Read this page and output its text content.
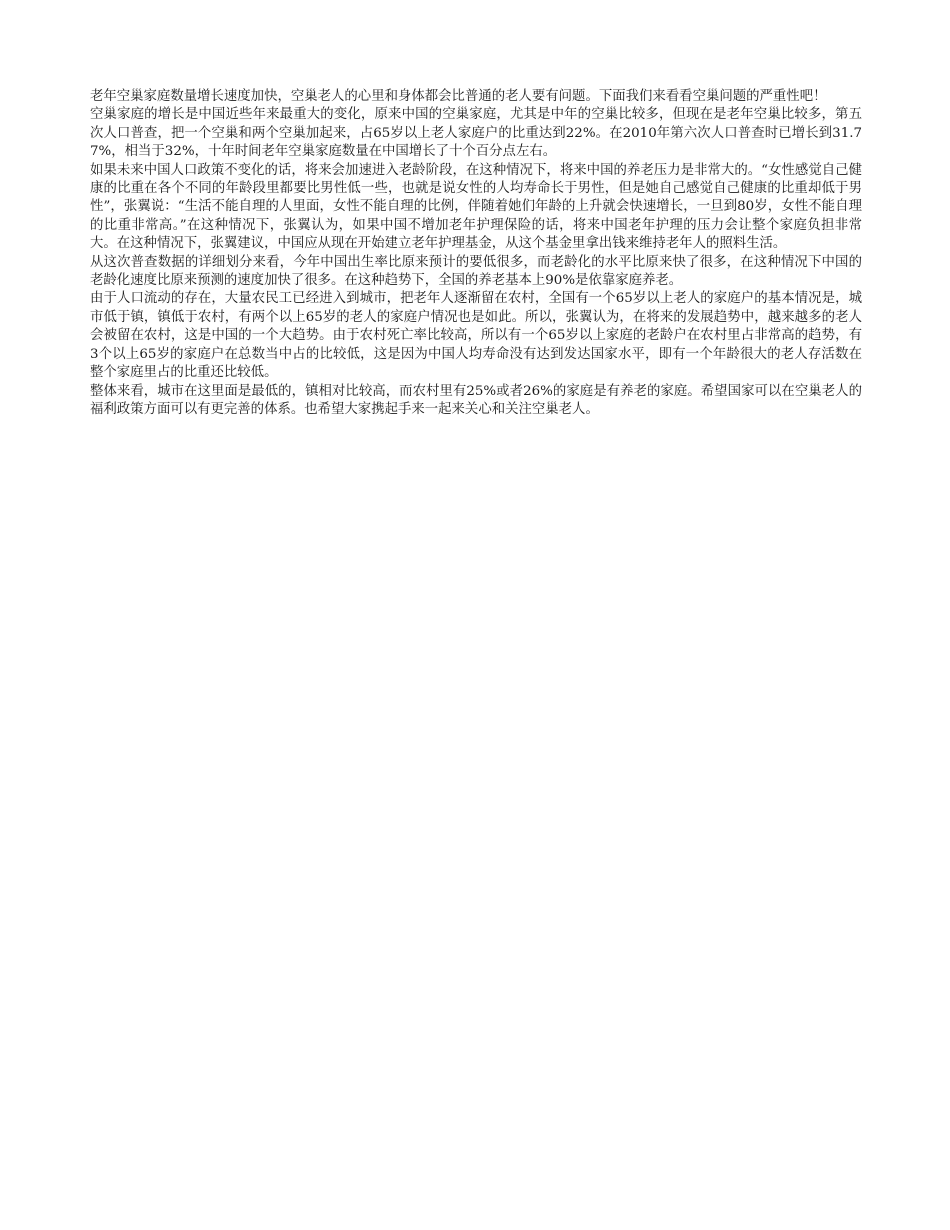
老年空巢家庭数量增长速度加快，空巢老人的心里和身体都会比普通的老人要有问题。下面我们来看看空巢问题的严重性吧！

空巢家庭的增长是中国近些年来最重大的变化，原来中国的空巢家庭，尤其是中年的空巢比较多，但现在是老年空巢比较多，第五次人口普查，把一个空巢和两个空巢加起来，占65岁以上老人家庭户的比重达到22%。在2010年第六次人口普查时已增长到31.77%，相当于32%，十年时间老年空巢家庭数量在中国增长了十个百分点左右。

如果未来中国人口政策不变化的话，将来会加速进入老龄阶段，在这种情况下，将来中国的养老压力是非常大的。“女性感觉自己健康的比重在各个不同的年龄段里都要比男性低一些，也就是说女性的人均寿命长于男性，但是她自己感觉自己健康的比重却低于男性”，张翼说：“生活不能自理的人里面，女性不能自理的比例，伴随着她们年龄的上升就会快速增长，一旦到80岁，女性不能自理的比重非常高。”在这种情况下，张翼认为，如果中国不增加老年护理保险的话，将来中国老年护理的压力会让整个家庭负担非常大。在这种情况下，张翼建议，中国应从现在开始建立老年护理基金，从这个基金里拿出钱来维持老年人的照料生活。

从这次普查数据的详细划分来看，今年中国出生率比原来预计的要低很多，而老龄化的水平比原来快了很多，在这种情况下中国的老龄化速度比原来预测的速度加快了很多。在这种趋势下，全国的养老基本上90%是依靠家庭养老。

由于人口流动的存在，大量农民工已经进入到城市，把老年人逐渐留在农村，全国有一个65岁以上老人的家庭户的基本情况是，城市低于镇，镇低于农村，有两个以上65岁的老人的家庭户情况也是如此。所以，张翼认为，在将来的发展趋势中，越来越多的老人会被留在农村，这是中国的一个大趋势。由于农村死亡率比较高，所以有一个65岁以上家庭的老龄户在农村里占非常高的趋势，有3个以上65岁的家庭户在总数当中占的比较低，这是因为中国人均寿命没有达到发达国家水平，即有一个年龄很大的老人存活数在整个家庭里占的比重还比较低。

整体来看，城市在这里面是最低的，镇相对比较高，而农村里有25%或者26%的家庭是有养老的家庭。希望国家可以在空巢老人的福利政策方面可以有更完善的体系。也希望大家携起手来一起来关心和关注空巢老人。
